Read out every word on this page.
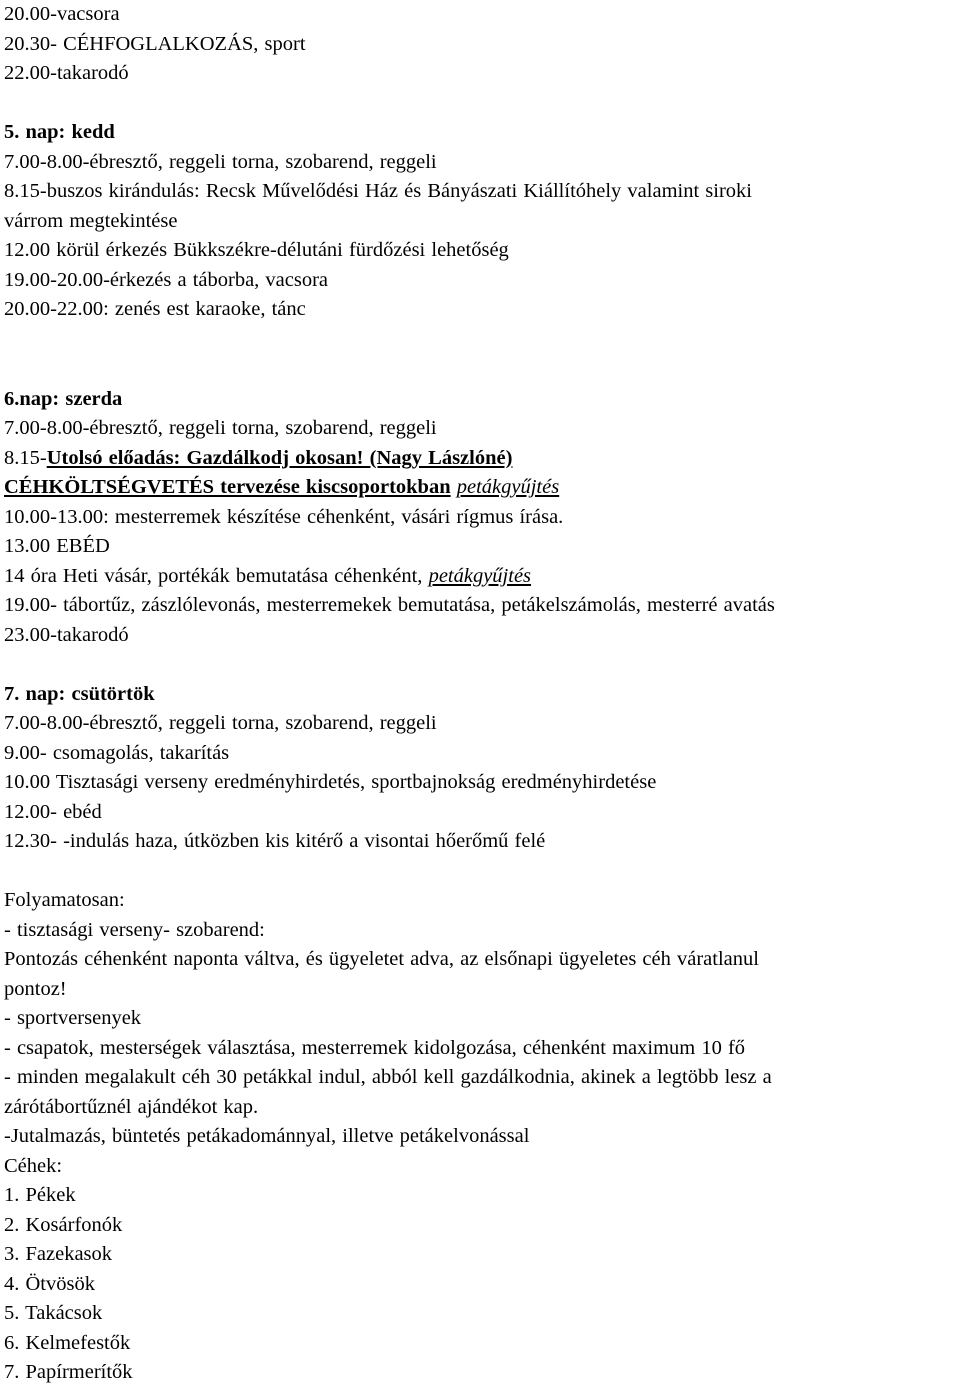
20.00-vacsora
20.30- CÉHFOGLALKOZÁS, sport
22.00-takarodó
5. nap: kedd
7.00-8.00-ébresztő, reggeli torna, szobarend, reggeli
8.15-buszos kirándulás: Recsk Művelődési Ház és Bányászati Kiállítóhely valamint siroki
várrom megtekintése
12.00 körül érkezés Bükkszékre-délutáni fürdőzési lehetőség
19.00-20.00-érkezés a táborba, vacsora
20.00-22.00: zenés est karaoke, tánc
6.nap: szerda
7.00-8.00-ébresztő, reggeli torna, szobarend, reggeli
8.15-Utolsó előadás: Gazdálkodj okosan! (Nagy Lászlóné)
CÉHKÖLTSÉGVETÉS tervezése kiscsoportokban petákgyűjtés
10.00-13.00: mesterremek készítése céhenként, vásári rígmus írása.
13.00 EBÉD
14 óra Heti vásár, portékák bemutatása céhenként, petákgyűjtés
19.00- tábortűz, zászlólevonás, mesterremekek bemutatása, petákelszámolás, mesterré avatás
23.00-takarodó
7. nap: csütörtök
7.00-8.00-ébresztő, reggeli torna, szobarend, reggeli
9.00- csomagolás, takarítás
10.00 Tisztasági verseny eredményhirdetés, sportbajnokság eredményhirdetése
12.00- ebéd
12.30- -indulás haza, útközben kis kitérő a visontai hőerőmű felé
Folyamatosan:
- tisztasági verseny- szobarend:
Pontozás céhenként naponta váltva, és ügyeletet adva, az elsőnapi ügyeletes céh váratlanul
pontoz!
- sportversenyek
- csapatok, mesterségek választása, mesterremek kidolgozása, céhenként maximum 10 fő
- minden megalakult céh 30 petákkal indul, abból kell gazdálkodnia, akinek a legtöbb lesz a
zárótábortűznél ajándékot kap.
-Jutalmazás, büntetés petákadománnyal, illetve petákelvonással
Céhek:
1. Pékek
2. Kosárfonók
3. Fazekasok
4. Ötvösök
5. Takácsok
6. Kelmefestők
7. Papírmerítők
